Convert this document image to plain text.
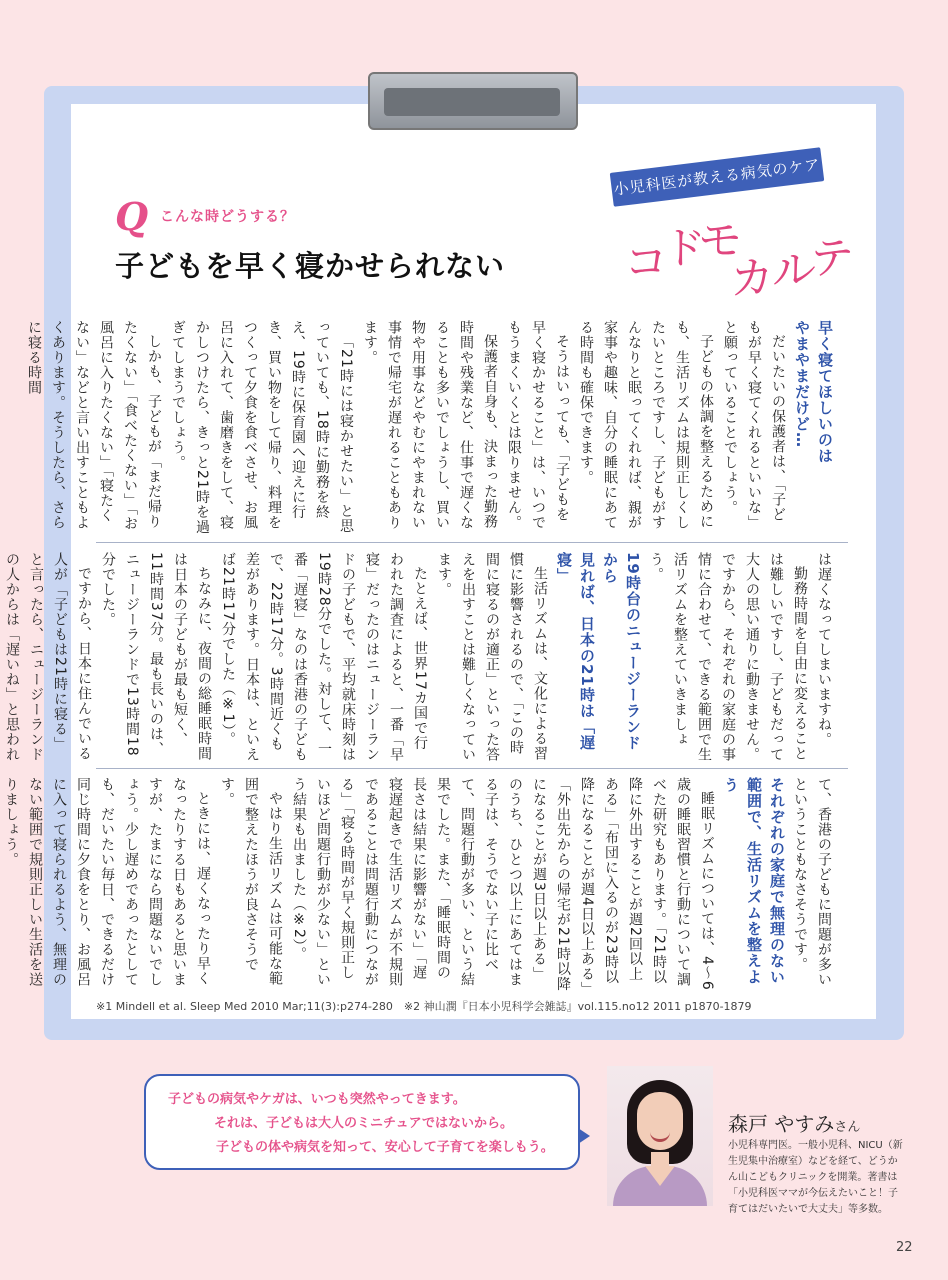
小児科医が教える病気のケア
コ
ド
モ
カ
ル
テ
Q こんな時どうする？
子どもを早く寝かせられない

早く寝てほしいのは

やまやまだけど…

だいたいの保護者は、「子どもが早く寝てくれるといいな」と願っていることでしょう。

子どもの体調を整えるためにも、生活リズムは規則正しくしたいところですし、子どもがすんなりと眠ってくれれば、親が家事や趣味、自分の睡眠にあてる時間も確保できます。

そうはいっても、「子どもを早く寝かせること」は、いつでもうまくいくとは限りません。

保護者自身も、決まった勤務時間や残業など、仕事で遅くなることも多いでしょうし、買い物や用事などやむにやまれない事情で帰宅が遅れることもあります。

「21時には寝かせたい」と思っていても、18時に勤務を終え、19時に保育園へ迎えに行き、買い物をして帰り、料理をつくって夕食を食べさせ、お風呂に入れて、歯磨きをして、寝かしつけたら、きっと21時を過ぎてしまうでしょう。

しかも、子どもが「まだ帰りたくない」「食べたくない」「お風呂に入りたくない」「寝たくない」などと言い出すこともよくあります。そうしたら、さらに寝る時間

は遅くなってしまいますね。

勤務時間を自由に変えることは難しいですし、子どもだって大人の思い通りに動きません。ですから、それぞれの家庭の事情に合わせて、できる範囲で生活リズムを整えていきましょう。

19時台のニュージーランドから

見れば、日本の21時は「遅寝」

生活リズムは、文化による習慣に影響されるので、「この時間に寝るのが適正」といった答えを出すことは難しくなっています。

たとえば、世界17カ国で行われた調査によると、一番「早寝」だったのはニュージーランドの子どもで、平均就床時刻は19時28分でした。対して、一番「遅寝」なのは香港の子どもで、22時17分。3時間近くも差があります。日本は、といえば21時17分でした（※1）。

ちなみに、夜間の総睡眠時間は日本の子どもが最も短く、11時間37分。最も長いのは、ニュージーランドで13時間18分でした。

ですから、日本に住んでいる人が「子どもは21時に寝る」と言ったら、ニュージーランドの人からは「遅いね」と思われ

て、香港の子どもに問題が多いということもなさそうです。

それぞれの家庭で無理のない

範囲で、生活リズムを整えよう

睡眠リズムについては、4〜6歳の睡眠習慣と行動について調べた研究もあります。「21時以降に外出することが週2回以上ある」「布団に入るのが23時以降になることが週4日以上ある」「外出先からの帰宅が21時以降になることが週3日以上ある」のうち、ひとつ以上にあてはまる子は、そうでない子に比べて、問題行動が多い、という結果でした。また、「睡眠時間の長さは結果に影響がない」「遅寝遅起きで生活リズムが不規則であることは問題行動につながる」「寝る時間が早く規則正しいほど問題行動が少ない」という結果も出ました（※2）。

やはり生活リズムは可能な範囲で整えたほうが良さそうです。

ときには、遅くなったり早くなったりする日もあると思いますが、たまになら問題ないでしょう。少し遅めであったとしても、だいたい毎日、できるだけ同じ時間に夕食をとり、お風呂に入って寝られるよう、無理のない範囲で規則正しい生活を送りましょう。

※1 Mindell et al. Sleep Med 2010 Mar;11(3):p274-280　※2 神山潤『日本小児科学会雑誌』vol.115.no12 2011 p1870-1879

子どもの病気やケガは、いつも突然やってきます。

それは、子どもは大人のミニチュアではないから。

子どもの体や病気を知って、安心して子育てを楽しもう。

森戸 やすみさん
小児科専門医。一般小児科、NICU（新生児集中治療室）などを経て、どうかん山こどもクリニックを開業。著書は「小児科医ママが今伝えたいこと！子育てはだいたいで大丈夫」等多数。
22
